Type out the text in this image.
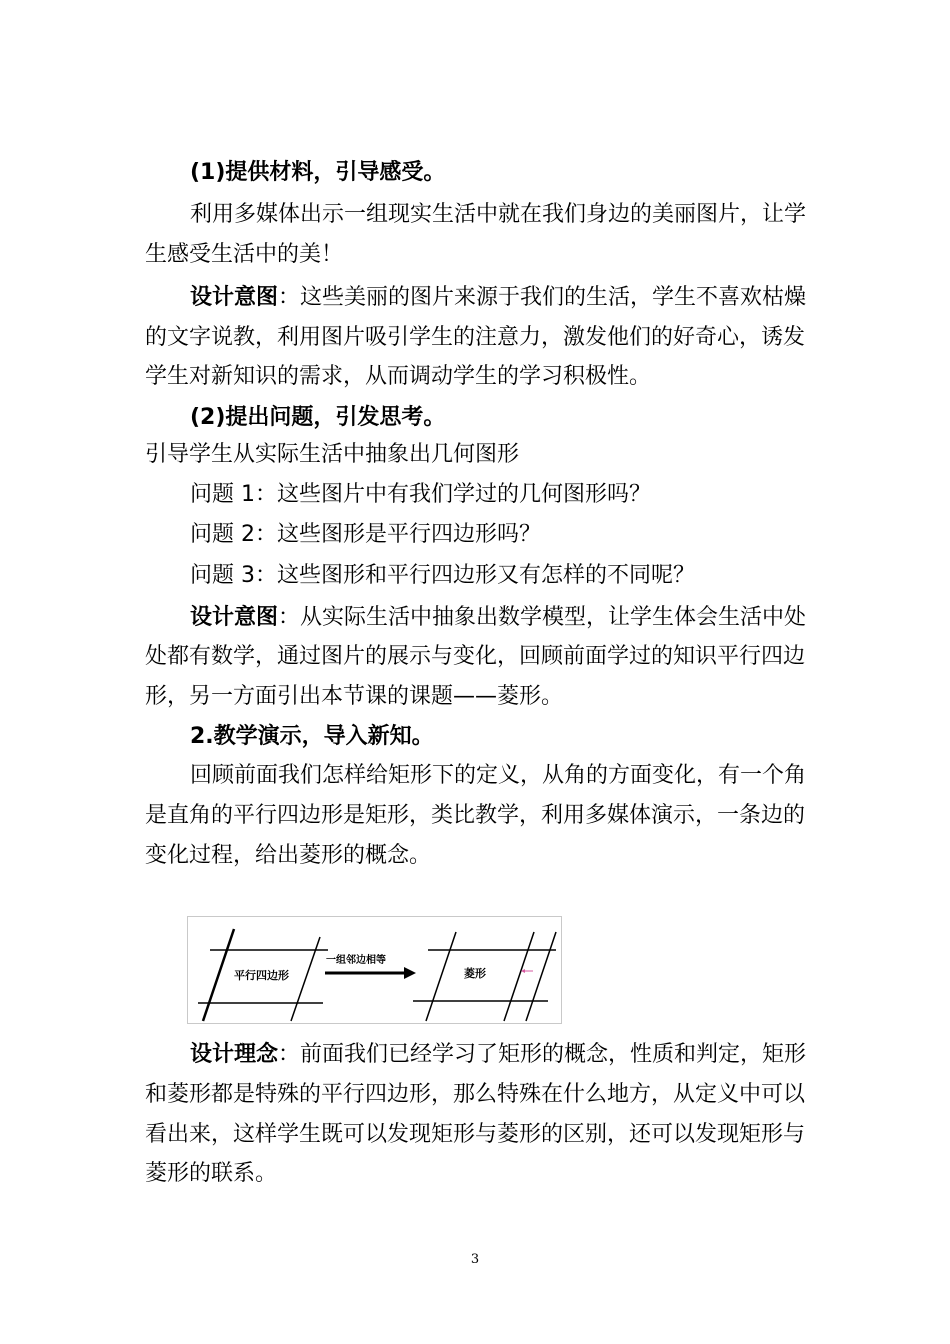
(1)提供材料，引导感受。
利用多媒体出示一组现实生活中就在我们身边的美丽图片，让学
生感受生活中的美！
设计意图：这些美丽的图片来源于我们的生活，学生不喜欢枯燥
的文字说教，利用图片吸引学生的注意力，激发他们的好奇心，诱发
学生对新知识的需求，从而调动学生的学习积极性。
(2)提出问题，引发思考。
引导学生从实际生活中抽象出几何图形
问题 1：这些图片中有我们学过的几何图形吗？
问题 2：这些图形是平行四边形吗？
问题 3：这些图形和平行四边形又有怎样的不同呢？
设计意图：从实际生活中抽象出数学模型，让学生体会生活中处
处都有数学，通过图片的展示与变化，回顾前面学过的知识平行四边
形，另一方面引出本节课的课题——菱形。
2.教学演示，导入新知。
回顾前面我们怎样给矩形下的定义，从角的方面变化，有一个角
是直角的平行四边形是矩形，类比教学，利用多媒体演示，一条边的
变化过程，给出菱形的概念。
平行四边形
一组邻边相等
菱形
设计理念：前面我们已经学习了矩形的概念，性质和判定，矩形
和菱形都是特殊的平行四边形，那么特殊在什么地方，从定义中可以
看出来，这样学生既可以发现矩形与菱形的区别，还可以发现矩形与
菱形的联系。
3
